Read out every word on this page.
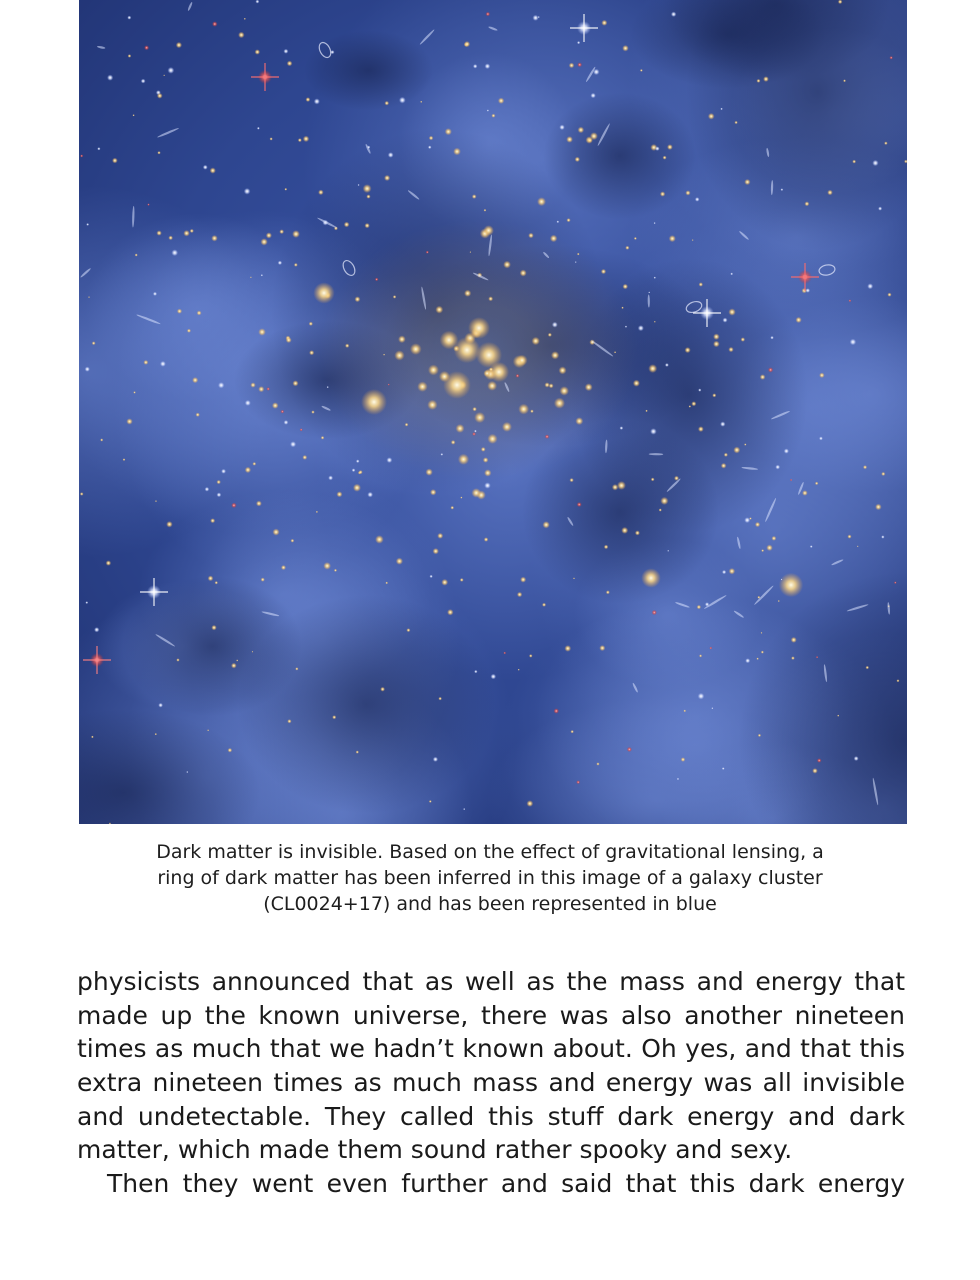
Dark matter is invisible. Based on the effect of gravitational lensing, a
ring of dark matter has been inferred in this image of a galaxy cluster
(CL0024+17) and has been represented in blue
physicists announced that as well as the mass and energy that
made up the known universe, there was also another nineteen
times as much that we hadn’t known about. Oh yes, and that this
extra nineteen times as much mass and energy was all invisible
and undetectable. They called this stuff dark energy and dark
matter, which made them sound rather spooky and sexy.
Then they went even further and said that this dark energy
